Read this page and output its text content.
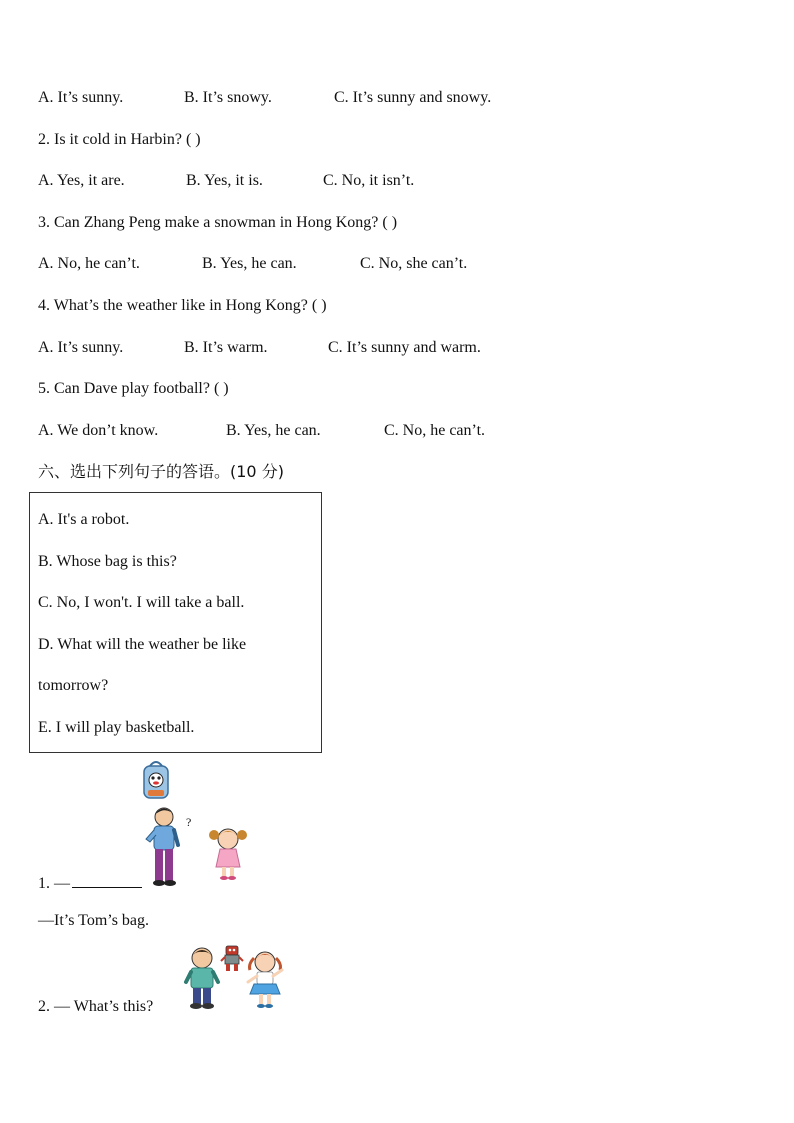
A. It’s sunny.	B. It’s snowy.	C. It’s sunny and snowy.
2. Is it cold in Harbin? ( )
A. Yes, it are.	B. Yes, it is.	C. No, it isn’t.
3. Can Zhang Peng make a snowman in Hong Kong? ( )
A. No, he can’t.	B. Yes, he can.	C. No, she can’t.
4. What’s the weather like in Hong Kong? ( )
A. It’s sunny.	B. It’s warm.	C. It’s sunny and warm.
5. Can Dave play football? ( )
A. We don’t know.	B. Yes, he can.	C. No, he can’t.
六、选出下列句子的答语。(10 分)
A. It's a robot.
B. Whose bag is this?
C. No, I won't. I will take a ball.
D. What will the weather be like
tomorrow?
E. I will play basketball.
?
1. —
—It’s Tom’s bag.
2. — What’s this?
